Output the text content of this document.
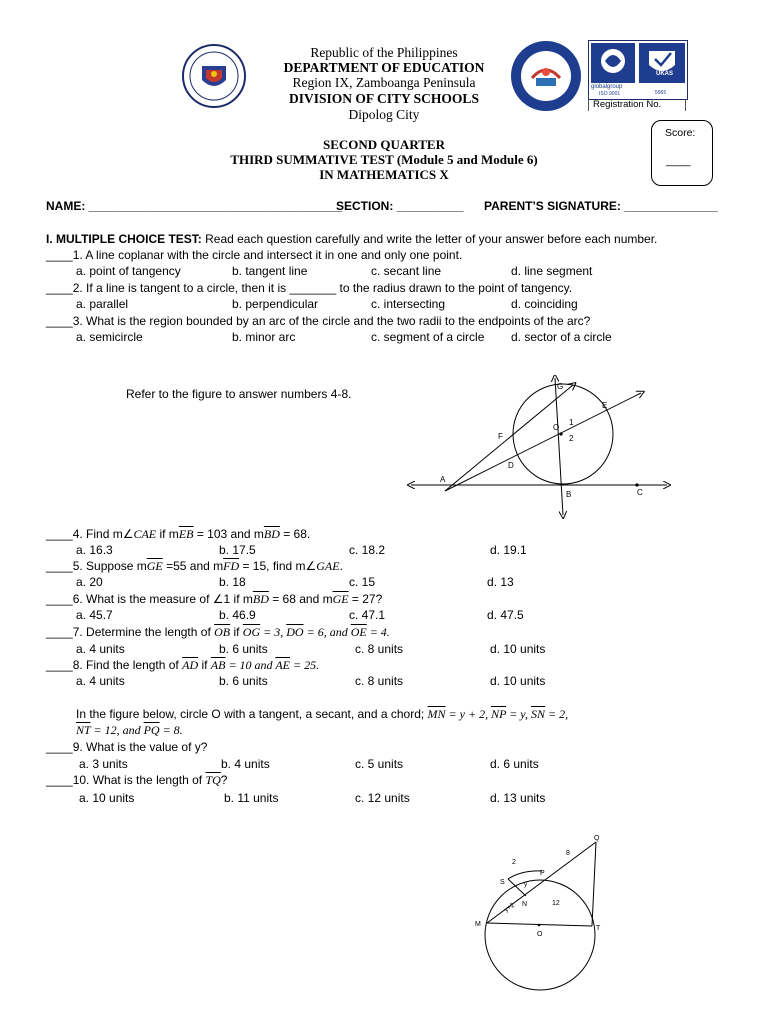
globalgroup
ISO 9001
UKAS
5965
Registration No.
Republic of the Philippines
DEPARTMENT OF EDUCATION
Region IX, Zamboanga Peninsula
DIVISION OF CITY SCHOOLS
Dipolog City
Score:
____
SECOND QUARTER
THIRD SUMMATIVE TEST (Module 5 and Module 6)
IN MATHEMATICS X
NAME: ______________________________________
SECTION: __________ PARENT’S SIGNATURE: ______________
I. MULTIPLE CHOICE TEST: Read each question carefully and write the letter of your answer before each number.
____1. A line coplanar with the circle and intersect it in one and only one point.
a. point of tangency	b. tangent line	c. secant line	d. line segment
____2. If a line is tangent to a circle, then it is _______ to the radius drawn to the point of tangency.
a. parallel	b. perpendicular	c. intersecting	d. coinciding
____3. What is the region bounded by an arc of the circle and the two radii to the endpoints of the arc?
a. semicircle	b. minor arc	c. segment of a circle d. sector of a circle
Refer to the figure to answer numbers 4-8.
G
E
1
O
2
F
D
A
B	C
____4. Find m∠CAE if $m\overline{EB} = 103$ and $m\overline{BD} = 68$.
a. 16.3	b. 17.5	c. 18.2	d. 19.1
____5. Suppose $m\overline{GE} =55$ and $m\overline{FD} = 15$, find m∠GAE.
a. 20	b. 18	c. 15	d. 13
____6. What is the measure of ∠1 if $m\overline{BD} = 68$ and $m\overline{GE} = 27$?
a. 45.7	b. 46.9	c. 47.1	d. 47.5
____7. Determine the length of $\overline{OB}$ if $\overline{OG} = 3$, $\overline{DO} = 6$, and $\overline{OE} = 4$.
a. 4 units	b. 6 units	c. 8 units	d. 10 units
____8. Find the length of $\overline{AD}$ if $\overline{AB} = 10$ and $\overline{AE} = 25$.
a. 4 units	b. 6 units	c. 8 units	d. 10 units
In the figure below, circle O with a tangent, a secant, and a chord; $\overline{MN} = y + 2$, $\overline{NP} = y$, $\overline{SN} = 2$,
$\overline{NT} = 12$, and $\overline{PQ} = 8$.
____9. What is the value of y?
a. 3 units	b. 4 units	c. 5 units	d. 6 units
____10. What is the length of $\overline{TQ}$?
a. 10 units	b. 11 units	c. 12 units	d. 13 units
Q
8
2
P
S
y+2
y
N	12
M
T
O
